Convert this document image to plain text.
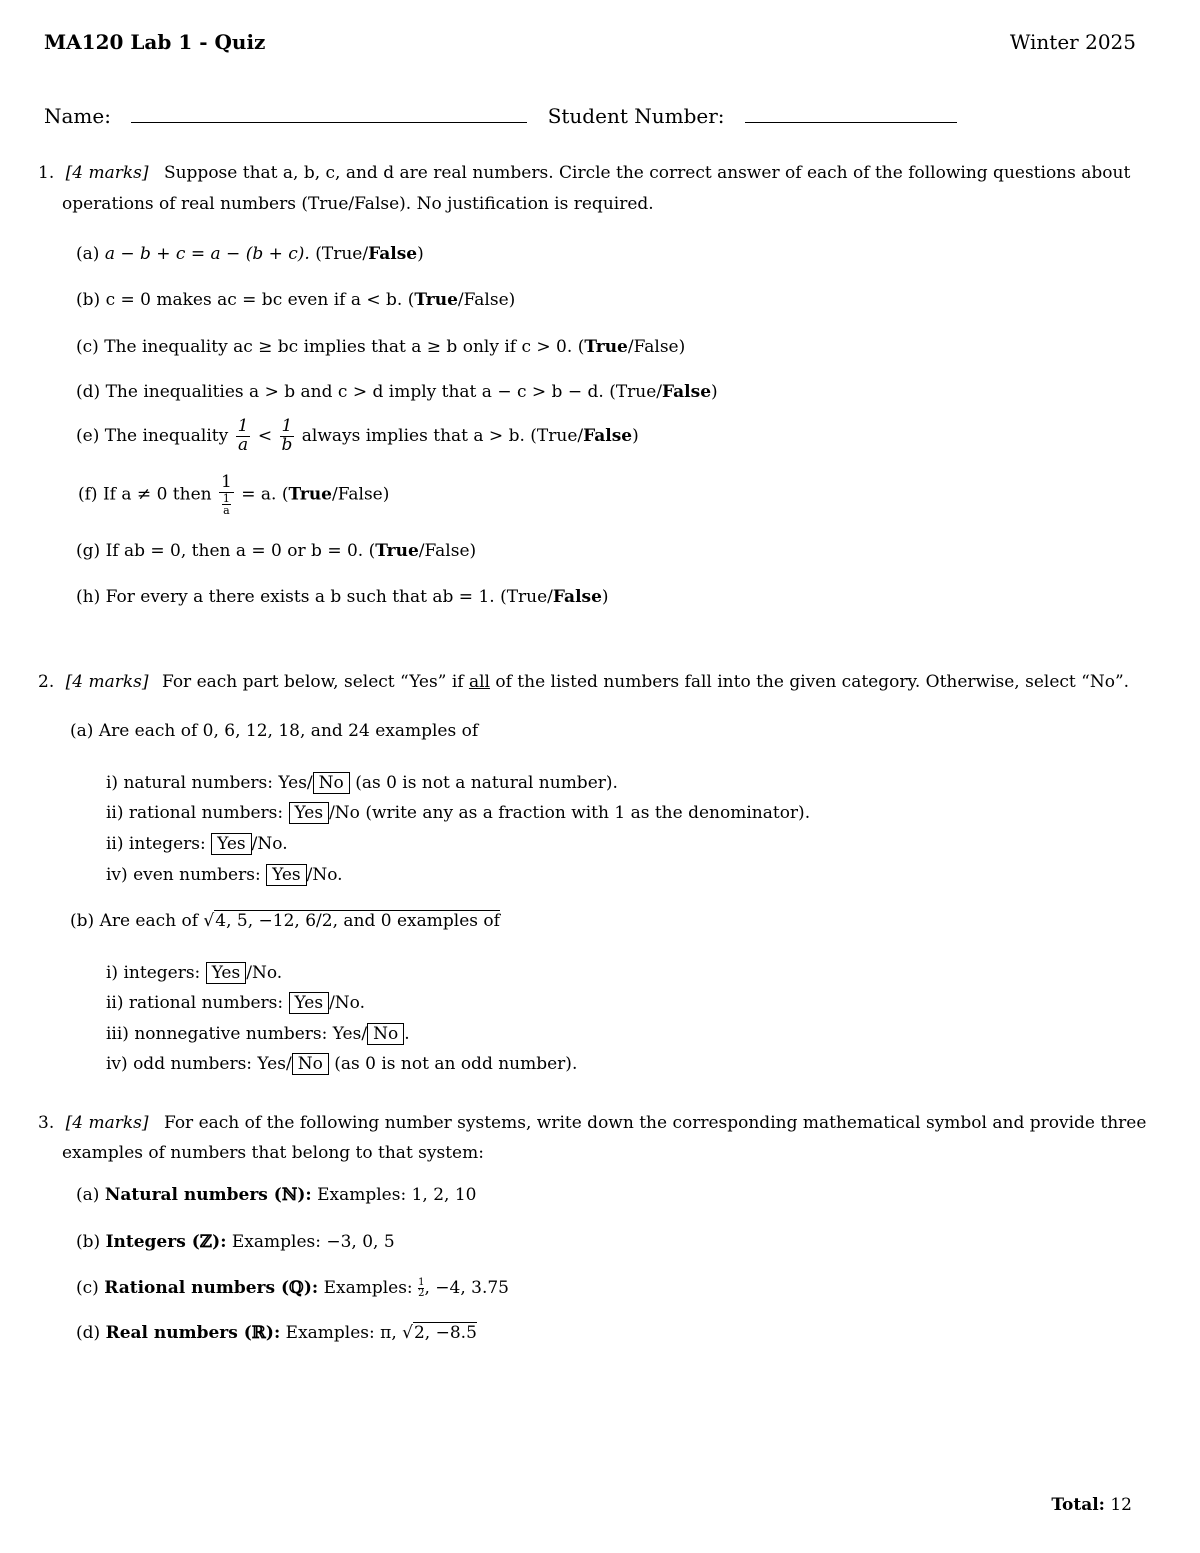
MA120 Lab 1 - Quiz	Winter 2025
Name:	Student Number:
1. [4 marks] Suppose that a, b, c, and d are real numbers. Circle the correct answer of each of the following questions about
operations of real numbers (True/False). No justification is required.
(a) a − b + c = a − (b + c). (True/False)
(b) c = 0 makes ac = bc even if a < b. (True/False)
(c) The inequality ac ≥ bc implies that a ≥ b only if c > 0. (True/False)
(d) The inequalities a > b and c > d imply that a − c > b − d. (True/False)
(e) The inequality $\frac{1}{a} < \frac{1}{b}$ always implies that a > b. (True/False)
(f) If a ≠ 0 then 1
1
a = a. (True/False)
(g) If ab = 0, then a = 0 or b = 0. (True/False)
(h) For every a there exists a b such that ab = 1. (True/False)
2. [4 marks] For each part below, select “Yes” if all of the listed numbers fall into the given category. Otherwise, select “No”.
(a) Are each of 0, 6, 12, 18, and 24 examples of
i) natural numbers: Yes/ No (as 0 is not a natural number).
ii) rational numbers: Yes /No (write any as a fraction with 1 as the denominator).
ii) integers: Yes /No.
iv) even numbers: Yes /No.
(b) Are each of √4, 5, −12, 6/2, and 0 examples of
i) integers: Yes /No.
ii) rational numbers: Yes /No.
iii) nonnegative numbers: Yes/ No .
iv) odd numbers: Yes/ No (as 0 is not an odd number).
3. [4 marks] For each of the following number systems, write down the corresponding mathematical symbol and provide three
examples of numbers that belong to that system:
(a) Natural numbers (ℕ): Examples: 1, 2, 10
(b) Integers (ℤ): Examples: −3, 0, 5
(c) Rational numbers (ℚ): Examples: $\frac{1}{2}$ , −4, 3.75
(d) Real numbers (ℝ): Examples: π, √2, −8.5
Total: 12
